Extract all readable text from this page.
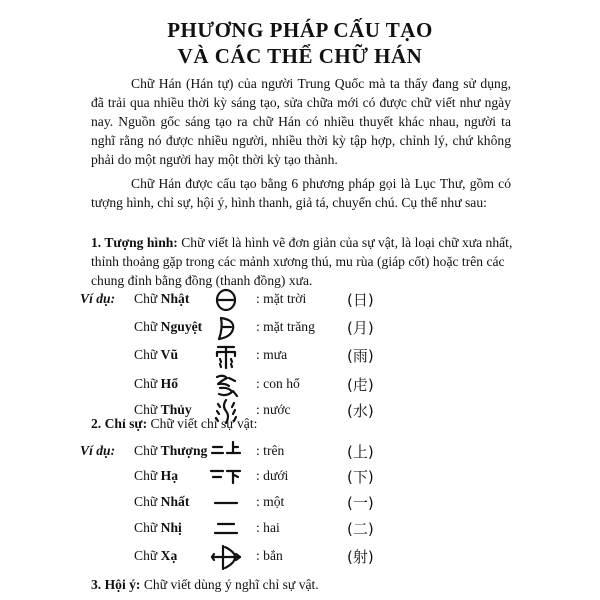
PHƯƠNG PHÁP CẤU TẠO
VÀ CÁC THỂ CHỮ HÁN
Chữ Hán (Hán tự) của người Trung Quốc mà ta thấy đang sử dụng, đã trải qua nhiều thời kỳ sáng tạo, sửa chữa mới có được chữ viết như ngày nay. Nguồn gốc sáng tạo ra chữ Hán có nhiều thuyết khác nhau, người ta nghĩ rằng nó được nhiều người, nhiều thời kỳ tập hợp, chỉnh lý, chứ không phải do một người hay một thời kỳ tạo thành.
Chữ Hán được cấu tạo bằng 6 phương pháp gọi là Lục Thư, gồm có tượng hình, chỉ sự, hội ý, hình thanh, giả tá, chuyển chú. Cụ thể như sau:
1. Tượng hình: Chữ viết là hình vẽ đơn giản của sự vật, là loại chữ xưa nhất, thỉnh thoảng gặp trong các mảnh xương thú, mu rùa (giáp cốt) hoặc trên các chung đỉnh bằng đồng (thanh đồng) xưa.
Ví dụ: Chữ Nhật	: mặt trời	(日)
Chữ Nguyệt	: mặt trăng (月)
Chữ Vũ	: mưa	(雨)
Chữ Hổ	: con hổ	(虍)
Chữ Thủy	: nước	(水)
2. Chỉ sự: Chữ viết chỉ sự vật:
Ví dụ: Chữ Thượng	: trên	(上)
Chữ Hạ	: dưới	(下)
Chữ Nhất	: một	(一)
Chữ Nhị	: hai	(二)
Chữ Xạ	: bắn	(射)
3. Hội ý: Chữ viết dùng ý nghĩ chỉ sự vật.
